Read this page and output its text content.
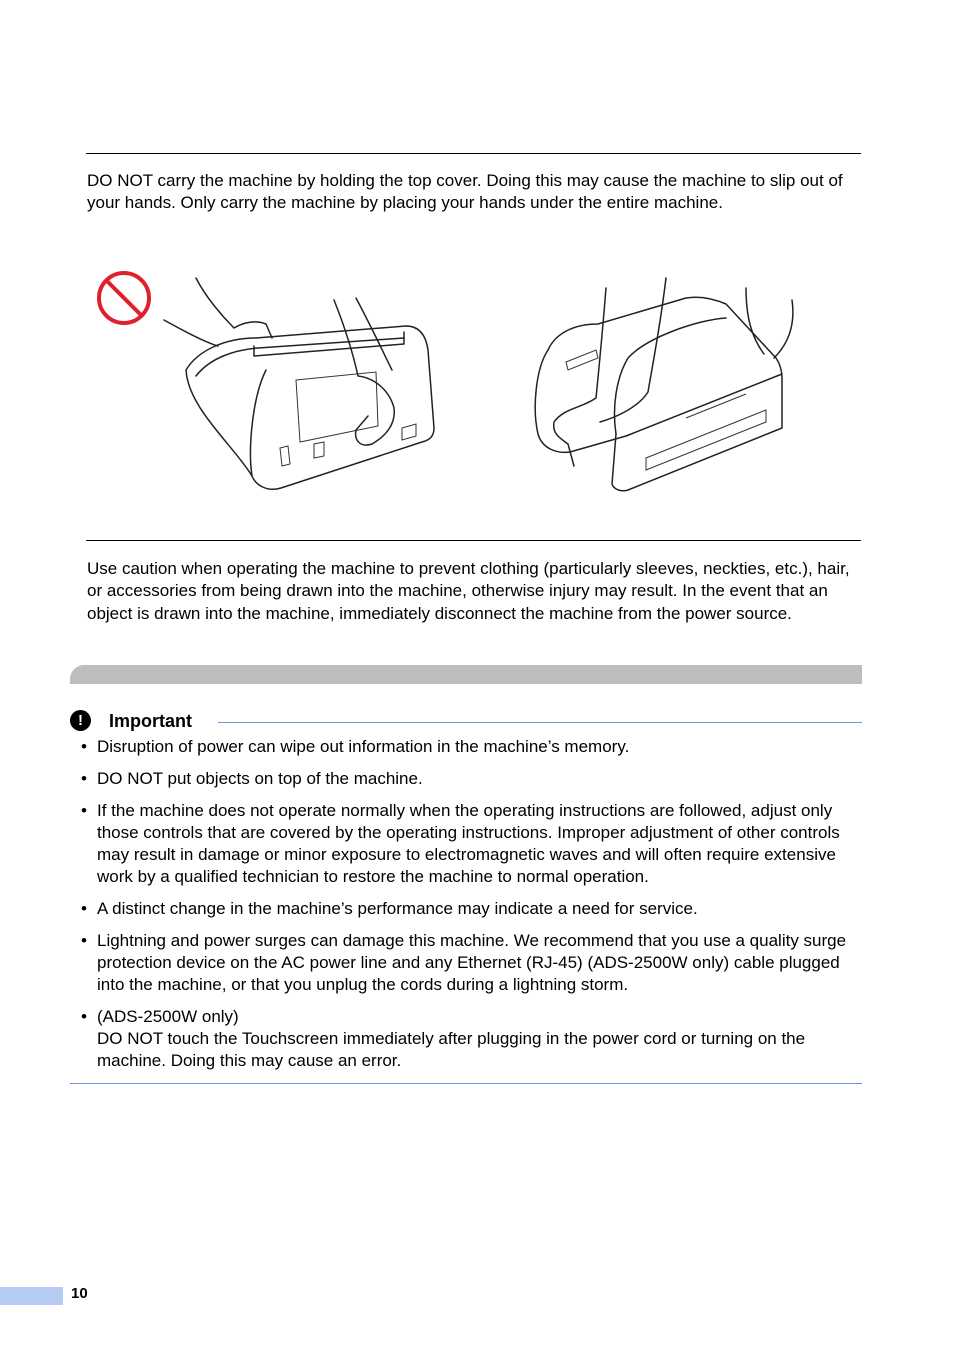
DO NOT carry the machine by holding the top cover. Doing this may cause the machine to slip out of your hands. Only carry the machine by placing your hands under the entire machine.

Use caution when operating the machine to prevent clothing (particularly sleeves, neckties, etc.), hair, or accessories from being drawn into the machine, otherwise injury may result. In the event that an object is drawn into the machine, immediately disconnect the machine from the power source.

!	Important
• Disruption of power can wipe out information in the machine’s memory.
• DO NOT put objects on top of the machine.
• If the machine does not operate normally when the operating instructions are followed, adjust only those controls that are covered by the operating instructions. Improper adjustment of other controls may result in damage or minor exposure to electromagnetic waves and will often require extensive work by a qualified technician to restore the machine to normal operation.
• A distinct change in the machine’s performance may indicate a need for service.
• Lightning and power surges can damage this machine. We recommend that you use a quality surge protection device on the AC power line and any Ethernet (RJ-45) (ADS-2500W only) cable plugged into the machine, or that you unplug the cords during a lightning storm.
• (ADS-2500W only)
DO NOT touch the Touchscreen immediately after plugging in the power cord or turning on the machine. Doing this may cause an error.
10
